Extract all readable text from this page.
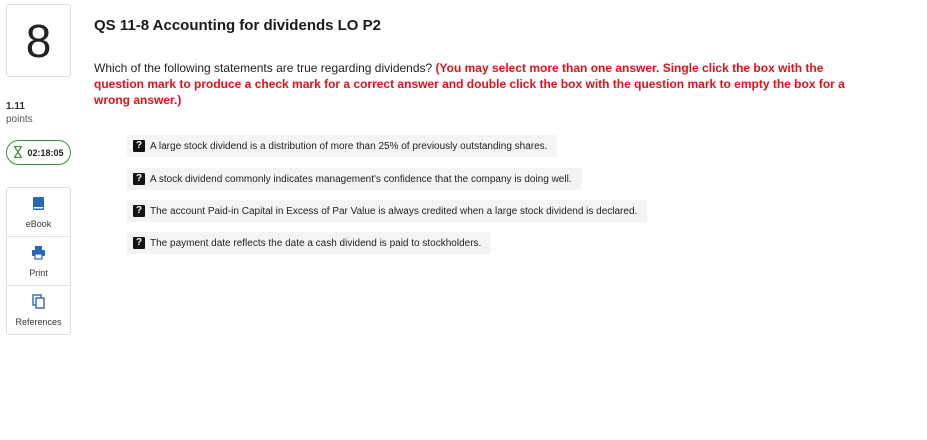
8
1.11
points
02:18:05
eBook
Print
References
QS 11-8 Accounting for dividends LO P2
Which of the following statements are true regarding dividends? (You may select more than one answer. Single click the box with the question mark to produce a check mark for a correct answer and double click the box with the question mark to empty the box for a wrong answer.)
? A large stock dividend is a distribution of more than 25% of previously outstanding shares.
? A stock dividend commonly indicates management's confidence that the company is doing well.
? The account Paid-in Capital in Excess of Par Value is always credited when a large stock dividend is declared.
? The payment date reflects the date a cash dividend is paid to stockholders.
